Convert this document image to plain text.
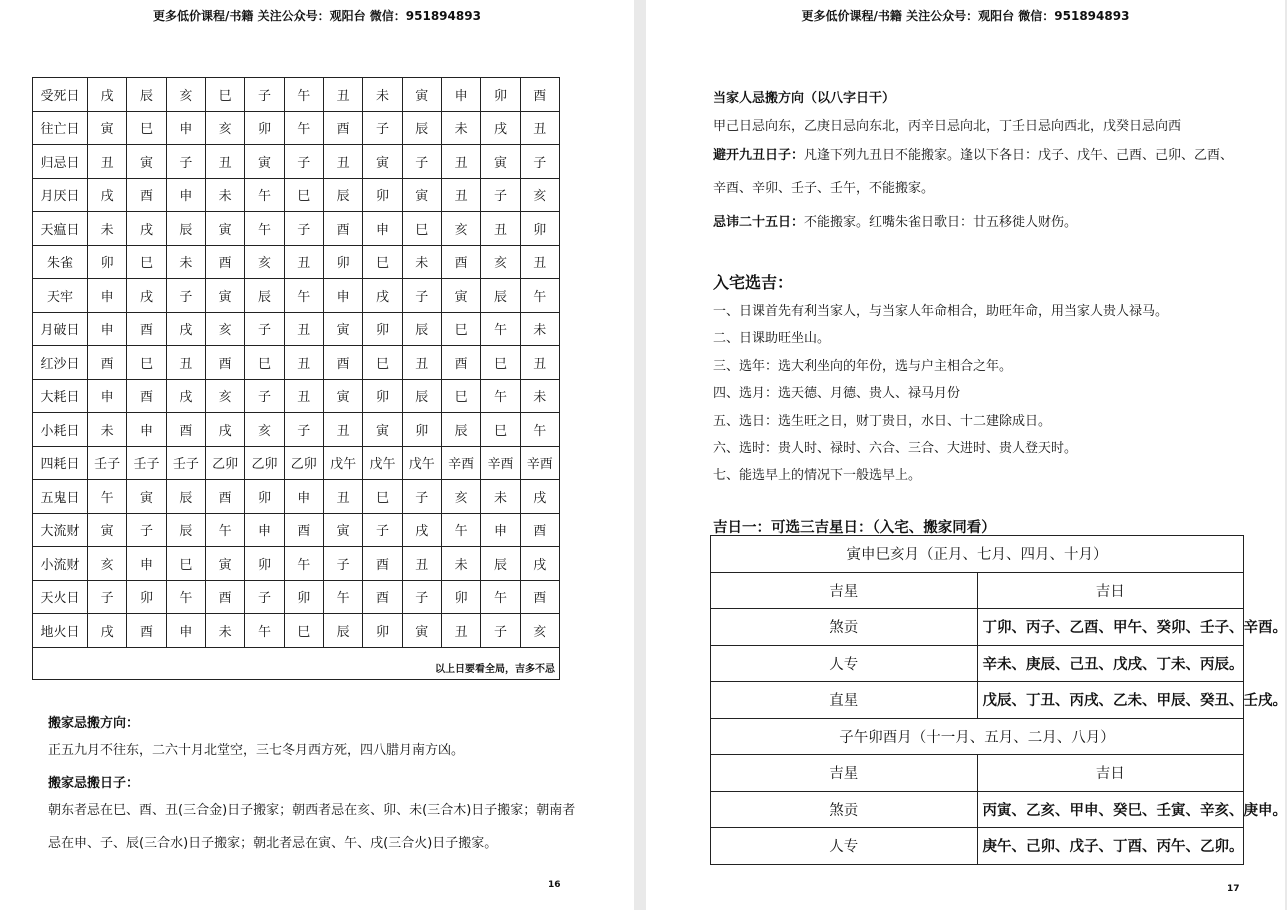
更多低价课程/书籍 关注公众号：观阳台 微信：951894893
受死日	戌	辰	亥	巳	子	午	丑	未	寅	申	卯	酉
往亡日	寅	巳	申	亥	卯	午	酉	子	辰	未	戌	丑
归忌日	丑	寅	子	丑	寅	子	丑	寅	子	丑	寅	子
月厌日	戌	酉	申	未	午	巳	辰	卯	寅	丑	子	亥
天瘟日	未	戌	辰	寅	午	子	酉	申	巳	亥	丑	卯
朱雀	卯	巳	未	酉	亥	丑	卯	巳	未	酉	亥	丑
天牢	申	戌	子	寅	辰	午	申	戌	子	寅	辰	午
月破日	申	酉	戌	亥	子	丑	寅	卯	辰	巳	午	未
红沙日	酉	巳	丑	酉	巳	丑	酉	巳	丑	酉	巳	丑
大耗日	申	酉	戌	亥	子	丑	寅	卯	辰	巳	午	未
小耗日	未	申	酉	戌	亥	子	丑	寅	卯	辰	巳	午
四耗日	壬子	壬子	壬子	乙卯	乙卯	乙卯	戊午	戊午	戊午	辛酉	辛酉	辛酉
五鬼日	午	寅	辰	酉	卯	申	丑	巳	子	亥	未	戌
大流财	寅	子	辰	午	申	酉	寅	子	戌	午	申	酉
小流财	亥	申	巳	寅	卯	午	子	酉	丑	未	辰	戌
天火日	子	卯	午	酉	子	卯	午	酉	子	卯	午	酉
地火日	戌	酉	申	未	午	巳	辰	卯	寅	丑	子	亥
以上日要看全局，吉多不忌												
搬家忌搬方向：
正五九月不往东，二六十月北堂空，三七冬月西方死，四八腊月南方凶。
搬家忌搬日子：
朝东者忌在巳、酉、丑(三合金)日子搬家；朝西者忌在亥、卯、未(三合木)日子搬家；朝南者
忌在申、子、辰(三合水)日子搬家；朝北者忌在寅、午、戌(三合火)日子搬家。
16
更多低价课程/书籍 关注公众号：观阳台 微信：951894893
当家人忌搬方向（以八字日干）
甲己日忌向东，乙庚日忌向东北，丙辛日忌向北，丁壬日忌向西北，戊癸日忌向西
避开九丑日子：凡逢下列九丑日不能搬家。逢以下各日：戊子、戊午、己酉、己卯、乙酉、
辛酉、辛卯、壬子、壬午，不能搬家。
忌讳二十五日：不能搬家。红嘴朱雀日歌日：廿五移徙人财伤。
入宅选吉：
一、日课首先有利当家人，与当家人年命相合，助旺年命，用当家人贵人禄马。
二、日课助旺坐山。
三、选年：选大利坐向的年份，选与户主相合之年。
四、选月：选天德、月德、贵人、禄马月份
五、选日：选生旺之日，财丁贵日，水日、十二建除成日。
六、选时：贵人时、禄时、六合、三合、大进时、贵人登天时。
七、能选早上的情况下一般选早上。
吉日一：可选三吉星日：（入宅、搬家同看）
寅申巳亥月（正月、七月、四月、十月）	
吉星	吉日
煞贡	丁卯、丙子、乙酉、甲午、癸卯、壬子、辛酉。
人专	辛未、庚辰、己丑、戊戌、丁未、丙辰。
直星	戊辰、丁丑、丙戌、乙未、甲辰、癸丑、壬戌。
子午卯酉月（十一月、五月、二月、八月）	
吉星	吉日
煞贡	丙寅、乙亥、甲申、癸巳、壬寅、辛亥、庚申。
人专	庚午、己卯、戊子、丁酉、丙午、乙卯。
17
